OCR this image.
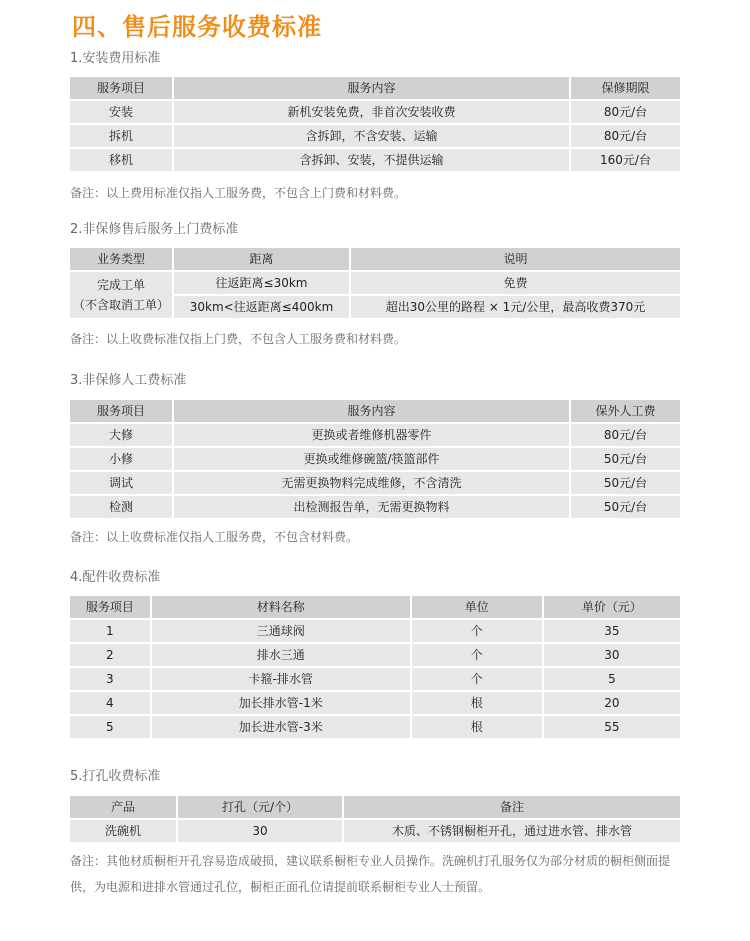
四、售后服务收费标准
1.安装费用标准
服务项目	服务内容	保修期限
安装	新机安装免费，非首次安装收费	80元/台
拆机	含拆卸，不含安装、运输	80元/台
移机	含拆卸、安装，不提供运输	160元/台
备注：以上费用标准仅指人工服务费，不包含上门费和材料费。
2.非保修售后服务上门费标准
业务类型	距离	说明
完成工单
（不含取消工单）	往返距离≤30km	免费
	30km<往返距离≤400km	超出30公里的路程 × 1元/公里，最高收费370元
备注：以上收费标准仅指上门费，不包含人工服务费和材料费。
3.非保修人工费标准
服务项目	服务内容	保外人工费
大修	更换或者维修机器零件	80元/台
小修	更换或维修碗篮/筷篮部件	50元/台
调试	无需更换物料完成维修，不含清洗	50元/台
检测	出检测报告单，无需更换物料	50元/台
备注：以上收费标准仅指人工服务费，不包含材料费。
4.配件收费标准
服务项目	材料名称	单位	单价（元）
1	三通球阀	个	35
2	排水三通	个	30
3	卡箍-排水管	个	5
4	加长排水管-1米	根	20
5	加长进水管-3米	根	55
5.打孔收费标准
产品	打孔（元/个）	备注
洗碗机	30	木质、不锈钢橱柜开孔，通过进水管、排水管
备注：其他材质橱柜开孔容易造成破损，建议联系橱柜专业人员操作。洗碗机打孔服务仅为部分材质的橱柜侧面提供，为电源和进排水管通过孔位，橱柜正面孔位请提前联系橱柜专业人士预留。
